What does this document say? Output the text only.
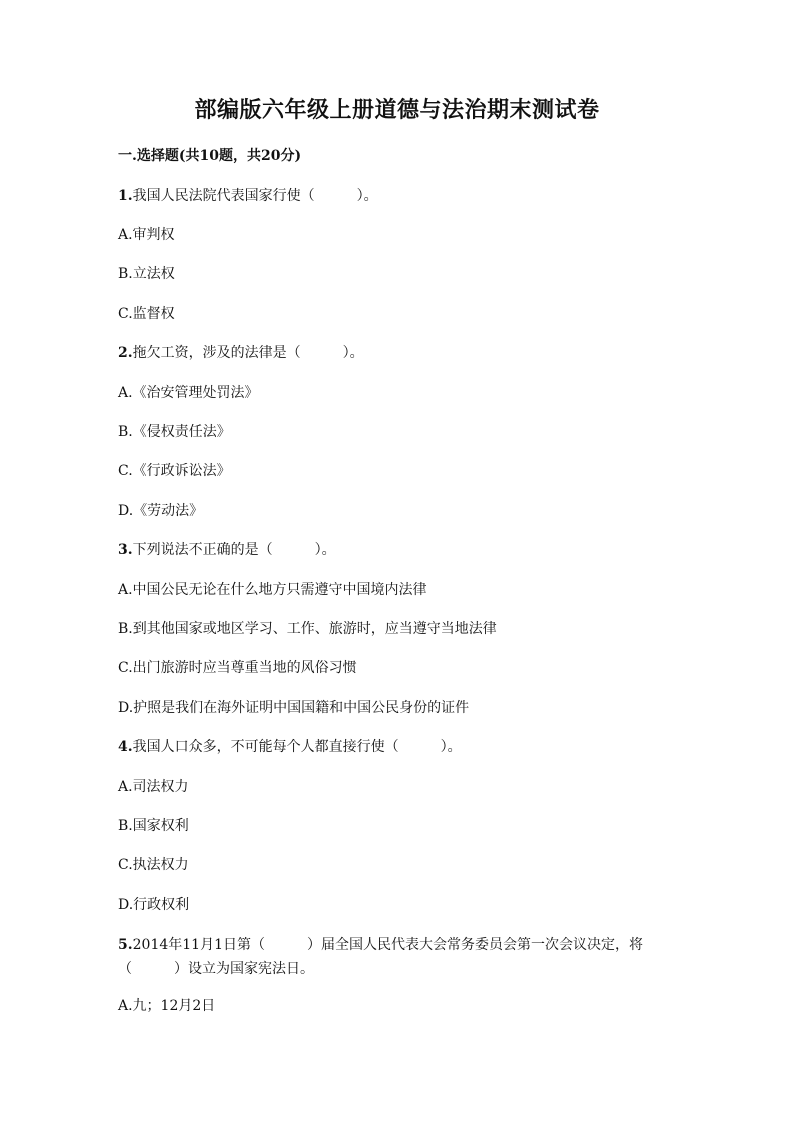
部编版六年级上册道德与法治期末测试卷
一.选择题(共10题，共20分)
1.我国人民法院代表国家行使（　　　）。
A.审判权
B.立法权
C.监督权
2.拖欠工资，涉及的法律是（　　　）。
A.《治安管理处罚法》
B.《侵权责任法》
C.《行政诉讼法》
D.《劳动法》
3.下列说法不正确的是（　　　）。
A.中国公民无论在什么地方只需遵守中国境内法律
B.到其他国家或地区学习、工作、旅游时，应当遵守当地法律
C.出门旅游时应当尊重当地的风俗习惯
D.护照是我们在海外证明中国国籍和中国公民身份的证件
4.我国人口众多，不可能每个人都直接行使（　　　）。
A.司法权力
B.国家权利
C.执法权力
D.行政权利
5.2014年11月1日第（　　　）届全国人民代表大会常务委员会第一次会议决定，将（　　　）设立为国家宪法日。
A.九；12月2日
